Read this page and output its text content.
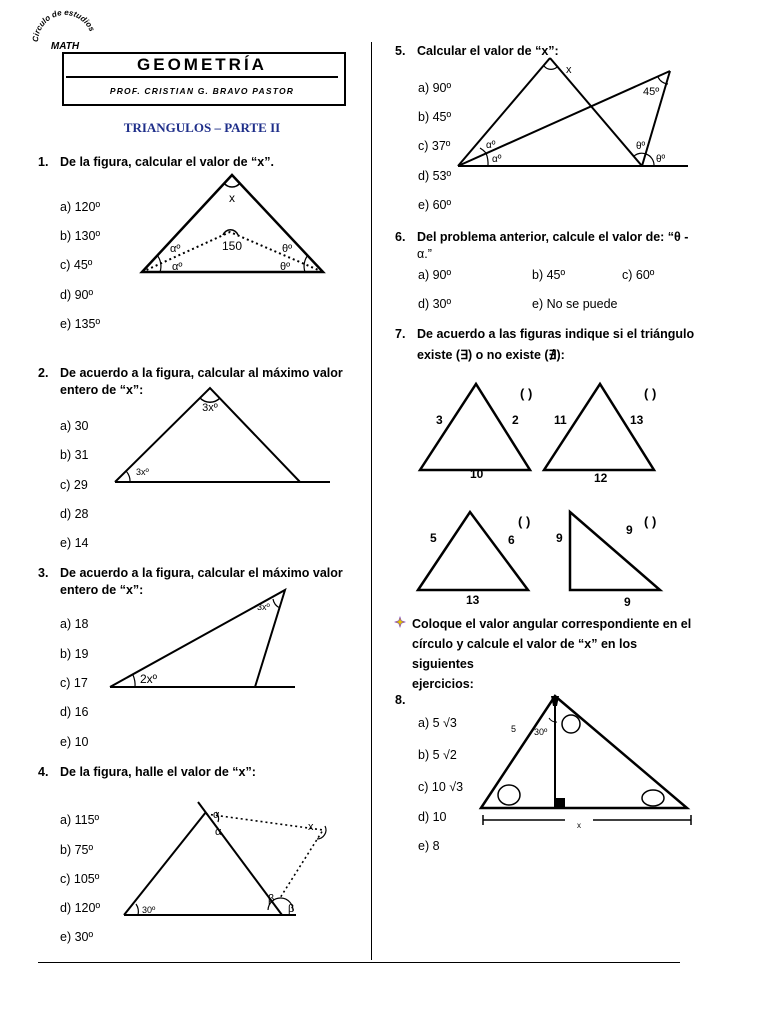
Circulo de estudios
MATH
GEOMETRÍA
PROF. CRISTIAN G. BRAVO PASTOR
TRIANGULOS – PARTE II
1. De la figura, calcular el valor de “x”.
a) 120º
b) 130º
c) 45º
d) 90º
e) 135º
x
150
αº
αº
θº
θº
2. De acuerdo a la figura, calcular al máximo valor
entero de “x”:
a) 30
b) 31
c) 29
d) 28
e) 14
3xº
3xº
3. De acuerdo a la figura, calcular el máximo valor
entero de “x”:
a) 18
b) 19
c) 17
d) 16
e) 10
3xº
2xº
4. De la figura, halle el valor de “x”:
a) 115º
b) 75º
c) 105º
d) 120º
e) 30º
α
α
β
β
x
30º
5. Calcular el valor de “x”:
a) 90º
b) 45º
c) 37º
d) 53º
e) 60º
x
45º
αº
αº
θº
θº
6. Del problema anterior, calcule el valor de: “θ -
α.”
a) 90º	b) 45º	c) 60º
d) 30º	e) No se puede
7. De acuerdo a las figuras indique si el triángulo
existe (∃) o no existe (∄):
3	2
10
( )
11	13
12
( )
5	6
13
( )
9
9
9
( )
Coloque el valor angular correspondiente en el
círculo y calcule el valor de “x” en los siguientes
ejercicios:
8.
a) 5 √3
b) 5 √2
c) 10 √3
d) 10
e) 8
5 30º
x
